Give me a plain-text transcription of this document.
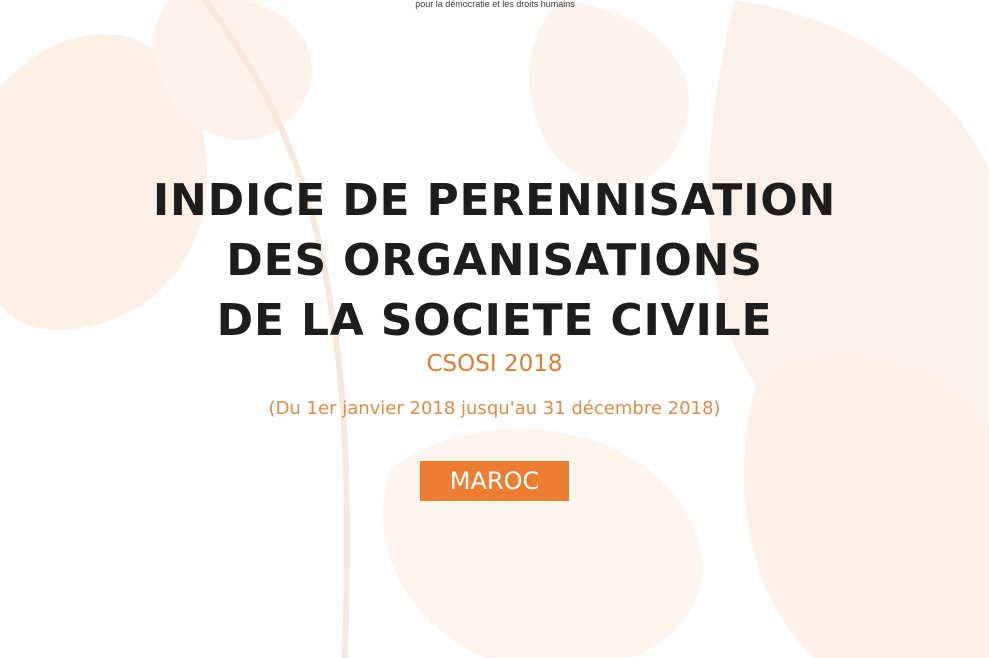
pour la démocratie et les droits humains
INDICE DE PERENNISATION
DES ORGANISATIONS
DE LA SOCIETE CIVILE
CSOSI 2018
(Du 1er janvier 2018 jusqu'au 31 décembre 2018)
MAROC
